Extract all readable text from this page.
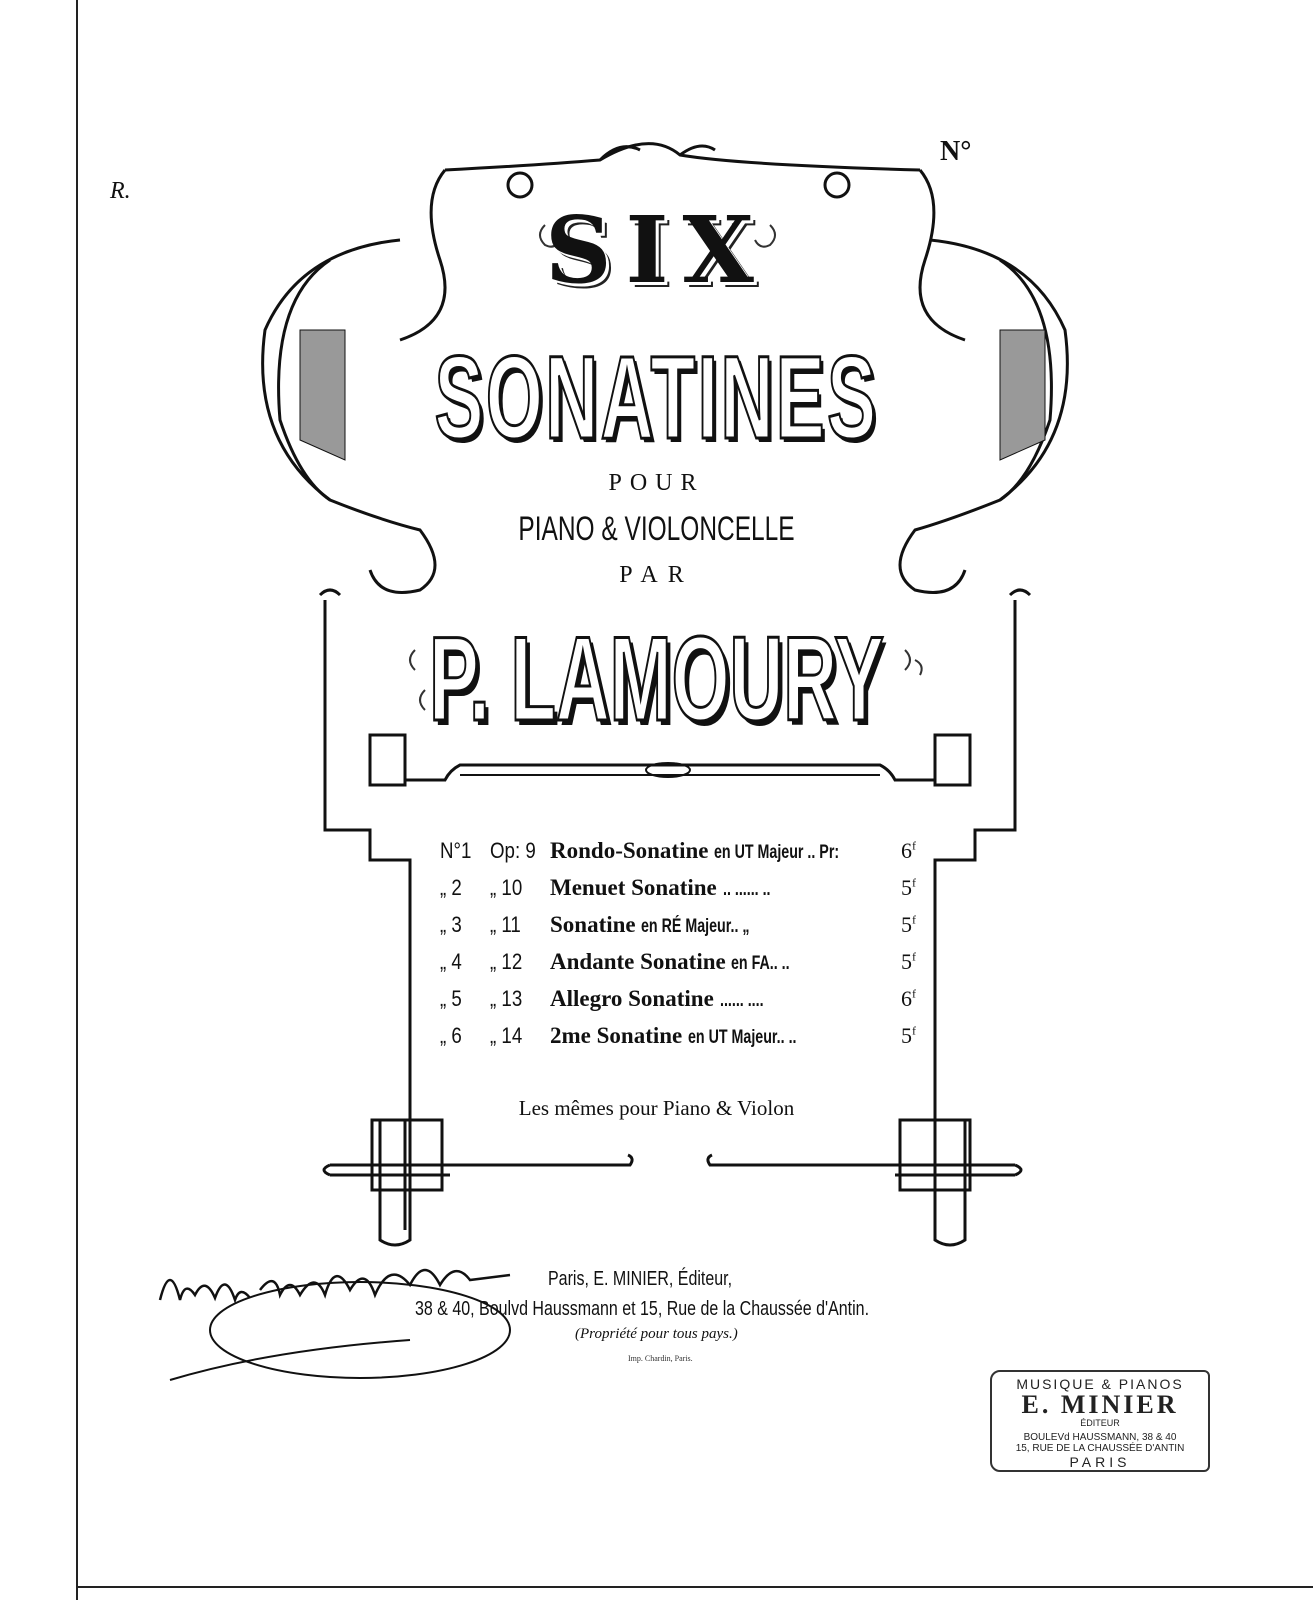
R.
N°
SIX
SONATINES
POUR
PIANO & VIOLONCELLE
PAR
P. LAMOURY
N°1 Op: 9 Rondo-Sonatine en UT Majeur .. Pr:	6$^f$
„ 2	„ 10	Menuet Sonatine .. ...... ..	5$^f$
„ 3	„ 11	Sonatine en RÉ Majeur.. „	5$^f$
„ 4	„ 12	Andante Sonatine en FA.. ..	5$^f$
„ 5	„ 13	Allegro Sonatine ...... ....	6$^f$
„ 6	„ 14	2me Sonatine en UT Majeur.. ..	5$^f$
Les mêmes pour Piano & Violon
Paris, E. MINIER, Éditeur,
38 & 40, Boulvd Haussmann et 15, Rue de la Chaussée d'Antin.
(Propriété pour tous pays.)
Imp. Chardin, Paris.
MUSIQUE & PIANOS
E. MINIER
ÉDITEUR
BOULEVd HAUSSMANN, 38 & 40
15, RUE DE LA CHAUSSÉE D'ANTIN
PARIS
